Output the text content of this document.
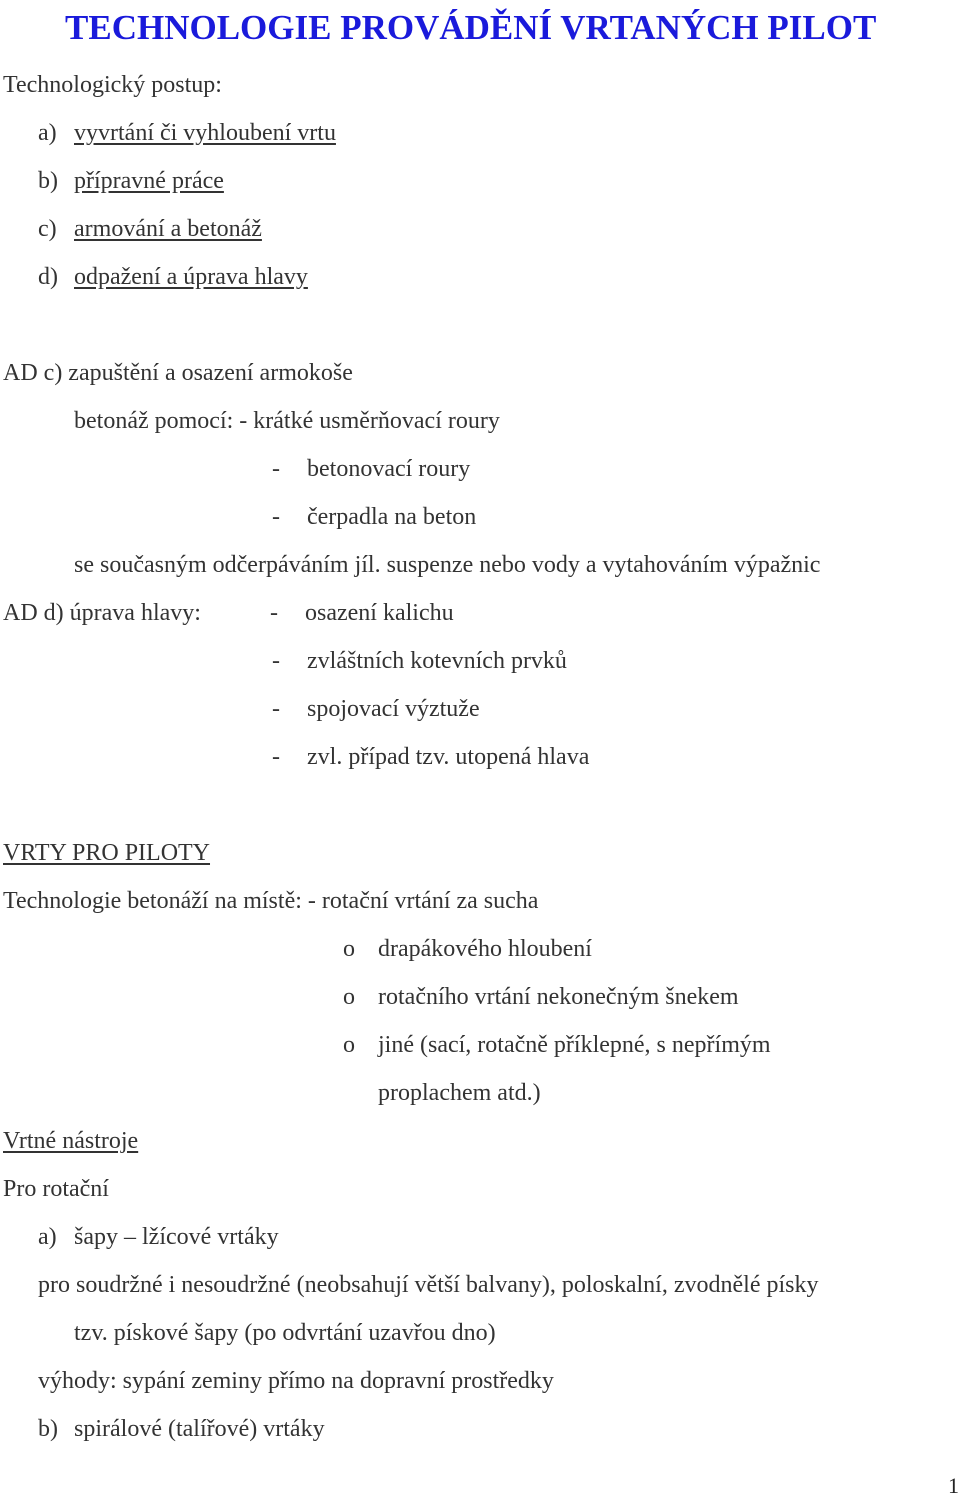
TECHNOLOGIE PROVÁDĚNÍ VRTANÝCH PILOT
Technologický postup:
a) vyvrtání či vyhloubení vrtu
b) přípravné práce
c) armování a betonáž
d) odpažení a úprava hlavy
AD c) zapuštění a osazení armokoše
betonáž pomocí: - krátké usměrňovací roury
- betonovací roury
- čerpadla na beton
se současným odčerpáváním jíl. suspenze nebo vody a vytahováním výpažnic
AD d) úprava hlavy:	- osazení kalichu
- zvláštních kotevních prvků
- spojovací výztuže
- zvl. případ tzv. utopená hlava
VRTY PRO PILOTY
Technologie betonáží na místě: - rotační vrtání za sucha
o drapákového hloubení
o rotačního vrtání nekonečným šnekem
o jiné (sací, rotačně příklepné, s nepřímým
proplachem atd.)
Vrtné nástroje
Pro rotační
a) šapy – lžícové vrtáky
pro soudržné i nesoudržné (neobsahují větší balvany), poloskalní, zvodnělé písky
tzv. pískové šapy (po odvrtání uzavřou dno)
výhody: sypání zeminy přímo na dopravní prostředky
b) spirálové (talířové) vrtáky
1
